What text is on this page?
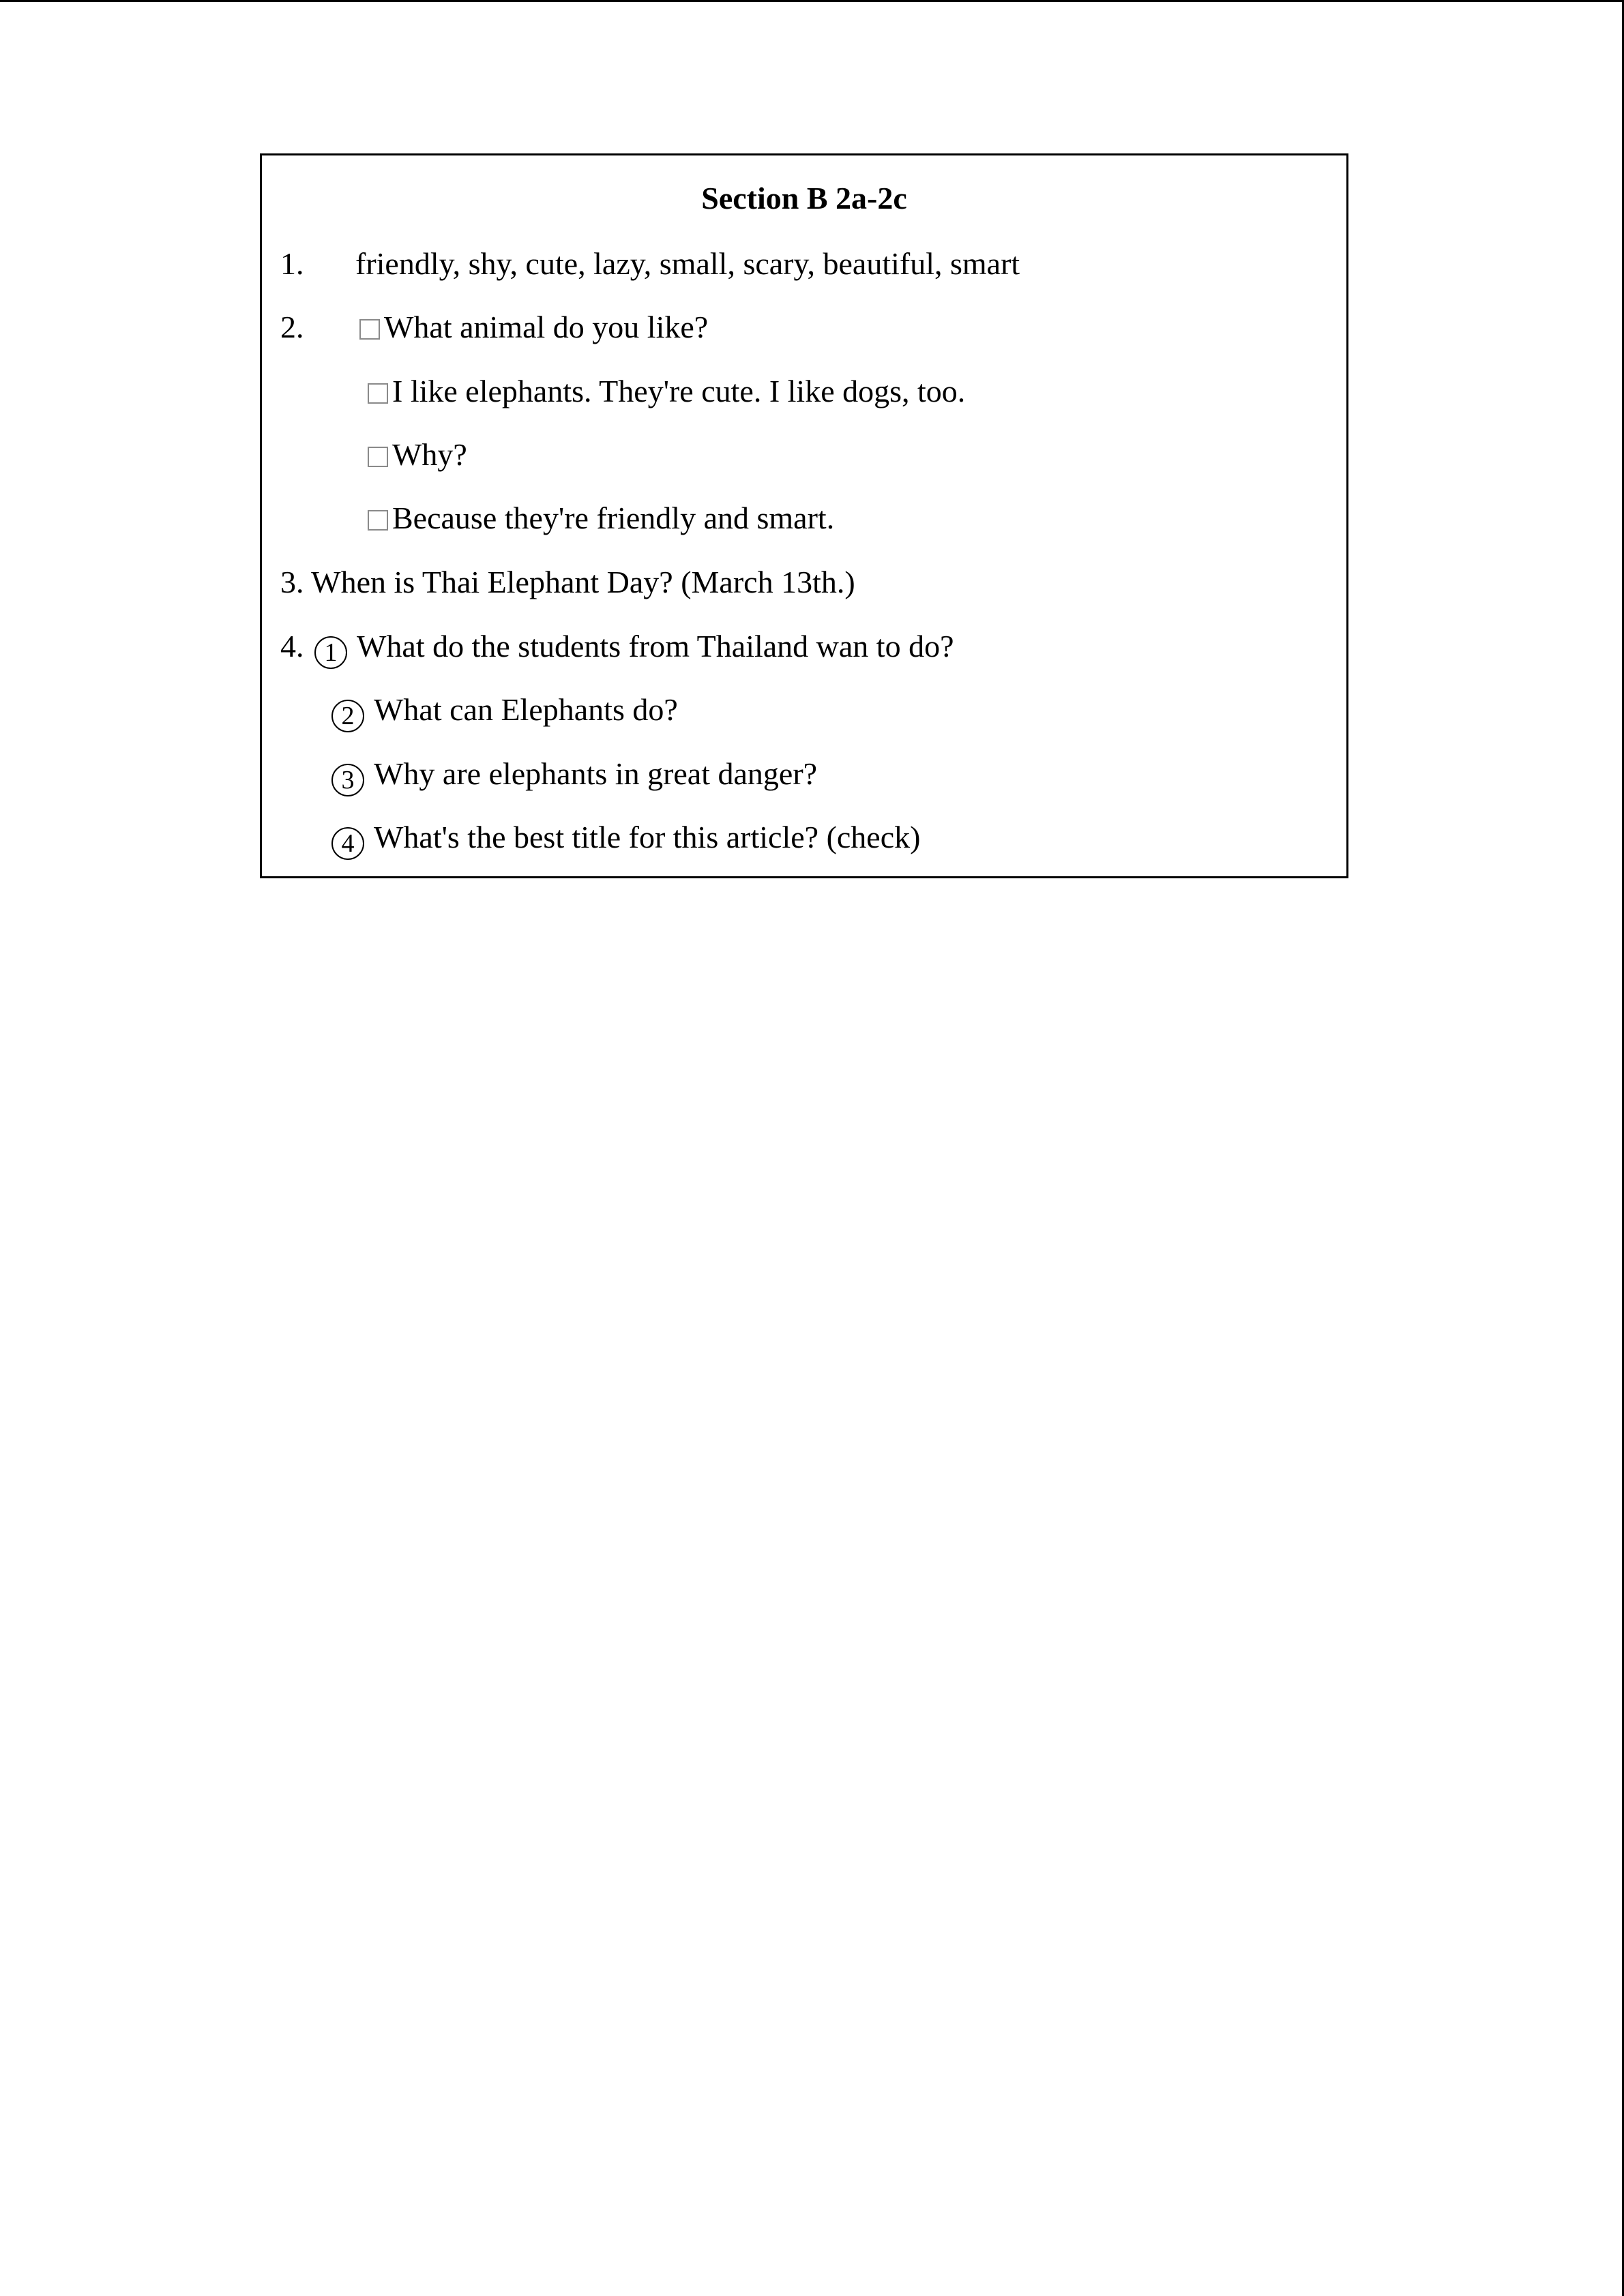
Section B 2a-2c
1. friendly, shy, cute, lazy, small, scary, beautiful, smart
2.	What animal do you like?
I like elephants. They're cute. I like dogs, too.
Why?
Because they're friendly and smart.
3. When is Thai Elephant Day? (March 13th.)
4. 1 What do the students from Thailand wan to do?
2 What can Elephants do?
3 Why are elephants in great danger?
4 What's the best title for this article? (check)
